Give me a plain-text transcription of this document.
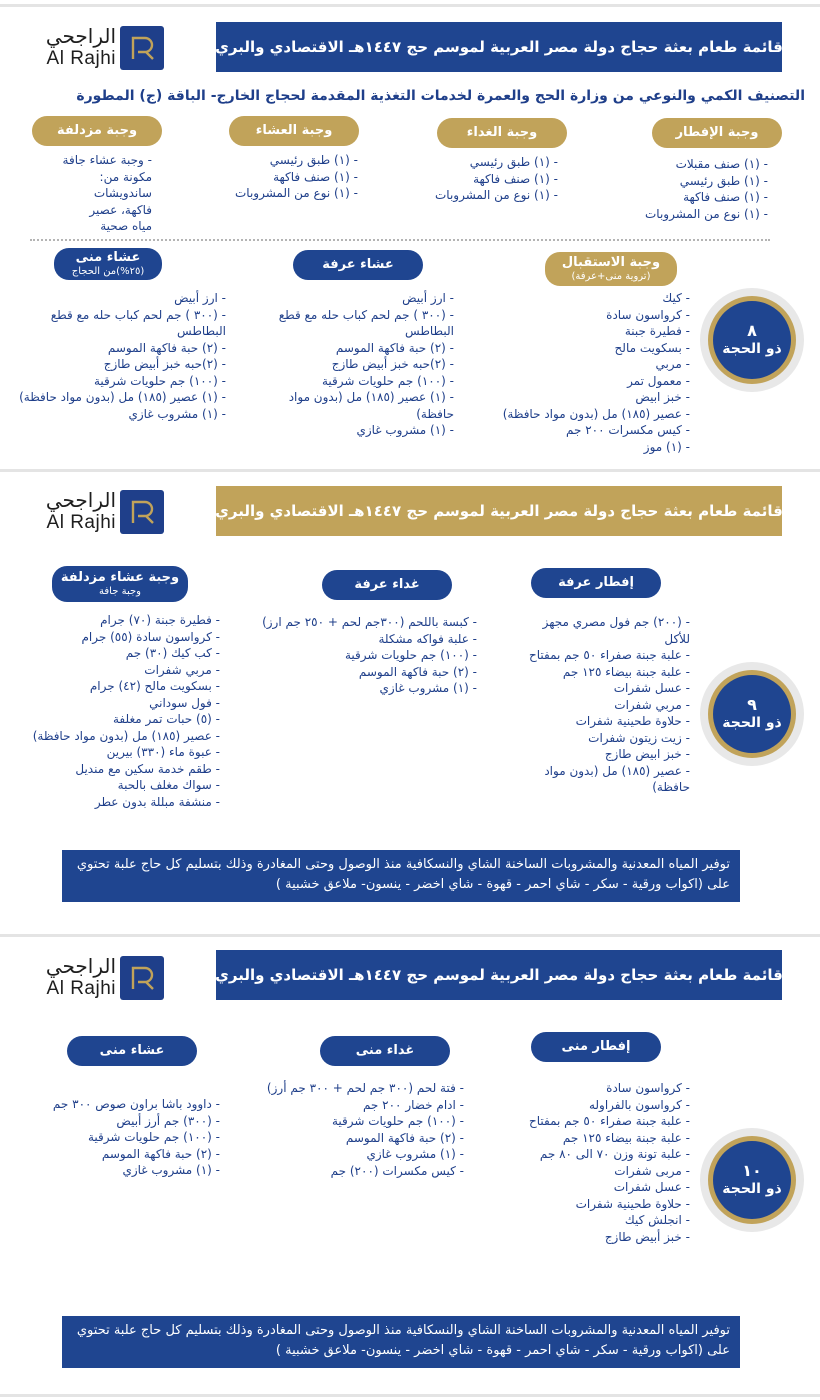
الراجحي
Al Rajhi
قائمة طعام بعثة حجاج دولة مصر العربية لموسم حج ١٤٤٧هـ الاقتصادي والبري
التصنيف الكمي والنوعي من وزارة الحج والعمرة لخدمات التغذية المقدمة لحجاج الخارج- الباقة (ج) المطورة
وجبة الإفطار
- (١) صنف مقبلات
- (١) طبق رئيسي
- (١) صنف فاكهة
- (١) نوع من المشروبات
وجبة الغداء
- (١) طبق رئيسي
- (١) صنف فاكهة
- (١) نوع من المشروبات
وجبة العشاء
- (١) طبق رئيسي
- (١) صنف فاكهة
- (١) نوع من المشروبات
وجبة مزدلفة
- وجبة عشاء جافة
مكونة من:
ساندويشات
فاكهة، عصير
مياه صحية
وجبة الاستقبال
(تروية منى+عرفة)
- كيك
- كرواسون سادة
- فطيرة جبنة
- بسكويت مالح
- مربي
- معمول تمر
- خبز ابيض
- عصير (١٨٥) مل (بدون مواد حافظة)
- كيس مكسرات ٢٠٠ جم
- (١) موز
٨
ذو الحجة
عشاء عرفة
- ارز أبيض
- (٣٠٠ ) جم لحم كباب حله مع قطع البطاطس
- (٢) حبة فاكهة الموسم
- (٢)حبه خبز أبيض طازج
- (١٠٠) جم حلويات شرقية
- (١) عصير (١٨٥) مل (بدون مواد حافظة)
- (١) مشروب غازي
عشاء منى
(٢٥%)من الحجاج
- ارز أبيض
- (٣٠٠ ) جم لحم كباب حله مع قطع البطاطس
- (٢) حبة فاكهة الموسم
- (٢)حبه خبز أبيض طازج
- (١٠٠) جم حلويات شرقية
- (١) عصير (١٨٥) مل (بدون مواد حافظة)
- (١) مشروب غازي
الراجحي
Al Rajhi
قائمة طعام بعثة حجاج دولة مصر العربية لموسم حج ١٤٤٧هـ الاقتصادي والبري
إفطار عرفة
- (٢٠٠) جم فول مصري مجهز للأكل
- علبة جبنة صفراء ٥٠ جم بمفتاح
- علبة جبنة بيضاء ١٢٥ جم
- عسل شفرات
- مربي شفرات
- حلاوة طحينية شفرات
- زيت زيتون شفرات
- خبز ابيض طازج
- عصير (١٨٥) مل (بدون مواد حافظة)
٩
ذو الحجة
غداء عرفة
- كبسة باللحم (٣٠٠جم لحم + ٢٥٠ جم ارز)
- علبة فواكه مشكلة
- (١٠٠) جم حلويات شرقية
- (٢) حبة فاكهة الموسم
- (١) مشروب غازي
وجبة عشاء مزدلفة
وجبة جافة
- فطيرة جبنة (٧٠) جرام
- كرواسون سادة (٥٥) جرام
- كب كيك (٣٠) جم
- مربي شفرات
- بسكويت مالح (٤٢) جرام
- فول سوداني
- (٥) حبات تمر مغلفة
- عصير (١٨٥) مل (بدون مواد حافظة)
- عبوة ماء (٣٣٠) بيرين
- طقم خدمة سكين مع منديل
- سواك مغلف بالحبة
- منشفة مبللة بدون عطر
توفير المياه المعدنية والمشروبات الساخنة الشاي والنسكافية منذ الوصول وحتى المغادرة وذلك بتسليم كل حاج علبة تحتوي على (اكواب ورقية - سكر - شاي احمر - قهوة - شاي اخضر - ينسون- ملاعق خشبية )
الراجحي
Al Rajhi
قائمة طعام بعثة حجاج دولة مصر العربية لموسم حج ١٤٤٧هـ الاقتصادي والبري
إفطار منى
- كرواسون سادة
- كرواسون بالفراوله
- علبة جبنة صفراء ٥٠ جم بمفتاح
- علبة جبنة بيضاء ١٢٥ جم
- علبة تونة وزن ٧٠ الى ٨٠ جم
- مربى شفرات
- عسل شفرات
- حلاوة طحينية شفرات
- انجلش كيك
- خبز أبيض طازج
١٠
ذو الحجة
غداء منى
- فتة لحم (٣٠٠ جم لحم + ٣٠٠ جم أرز)
- ادام خضار ٢٠٠ جم
- (١٠٠) جم حلويات شرقية
- (٢) حبة فاكهة الموسم
- (١) مشروب غازي
- كيس مكسرات (٢٠٠) جم
عشاء منى
- داوود باشا براون صوص ٣٠٠ جم
- (٣٠٠) جم أرز أبيض
- (١٠٠) جم حلويات شرقية
- (٢) حبة فاكهة الموسم
- (١) مشروب غازي
توفير المياه المعدنية والمشروبات الساخنة الشاي والنسكافية منذ الوصول وحتى المغادرة وذلك بتسليم كل حاج علبة تحتوي على (اكواب ورقية - سكر - شاي احمر - قهوة - شاي اخضر - ينسون- ملاعق خشبية )
